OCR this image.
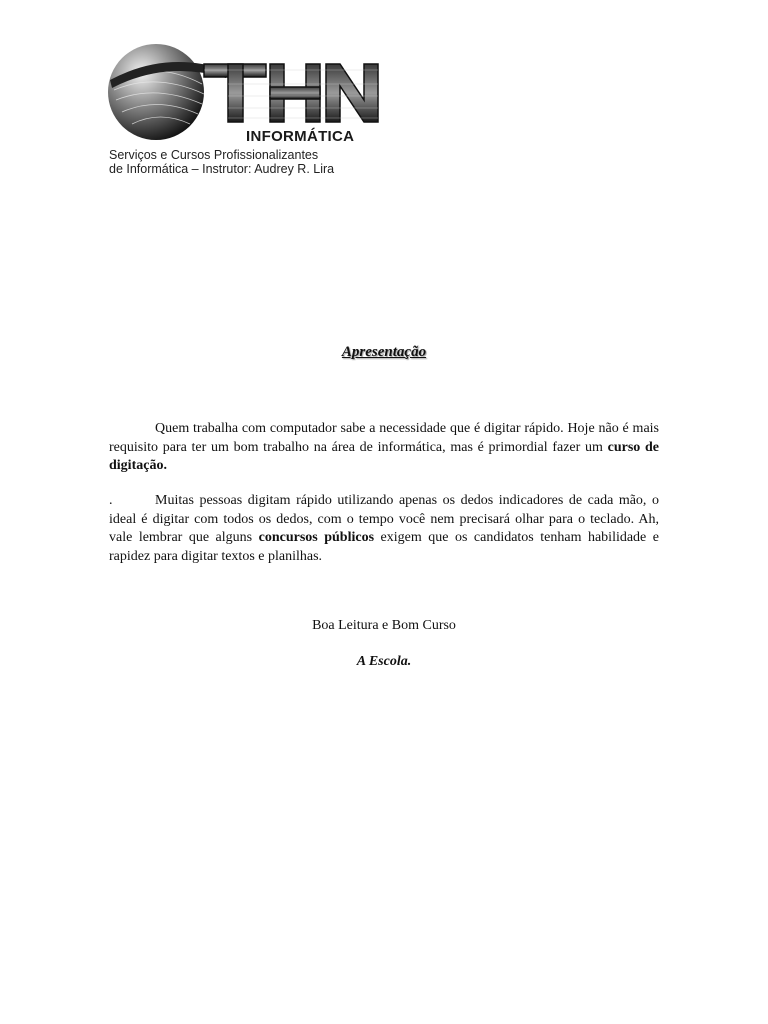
INFORMÁTICA
Serviços e Cursos Profissionalizantes
de Informática – Instrutor: Audrey R. Lira
Apresentação
Quem trabalha com computador sabe a necessidade que é digitar rápido. Hoje não é mais requisito para ter um bom trabalho na área de informática, mas é primordial fazer um curso de digitação.
.	Muitas pessoas digitam rápido utilizando apenas os dedos indicadores de cada mão, o ideal é digitar com todos os dedos, com o tempo você nem precisará olhar para o teclado. Ah, vale lembrar que alguns concursos públicos exigem que os candidatos tenham habilidade e rapidez para digitar textos e planilhas.
Boa Leitura e Bom Curso
A Escola.
